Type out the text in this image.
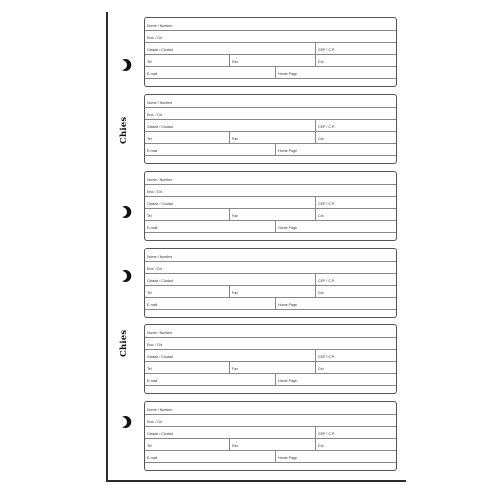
Chies
Chies
Nome / Nombre
End. / Dir.
Cidade / Ciudad	CEP / C.P.
Tel	Fax	Cel.
E-mail	Home Page
Nome / Nombre
End. / Dir.
Cidade / Ciudad	CEP / C.P.
Tel	Fax	Cel.
E-mail	Home Page
Nome / Nombre
End. / Dir.
Cidade / Ciudad	CEP / C.P.
Tel	Fax	Cel.
E-mail	Home Page
Nome / Nombre
End. / Dir.
Cidade / Ciudad	CEP / C.P.
Tel	Fax	Cel.
E-mail	Home Page
Nome / Nombre
End. / Dir.
Cidade / Ciudad	CEP / C.P.
Tel	Fax	Cel.
E-mail	Home Page
Nome / Nombre
End. / Dir.
Cidade / Ciudad	CEP / C.P.
Tel	Fax	Cel.
E-mail	Home Page
